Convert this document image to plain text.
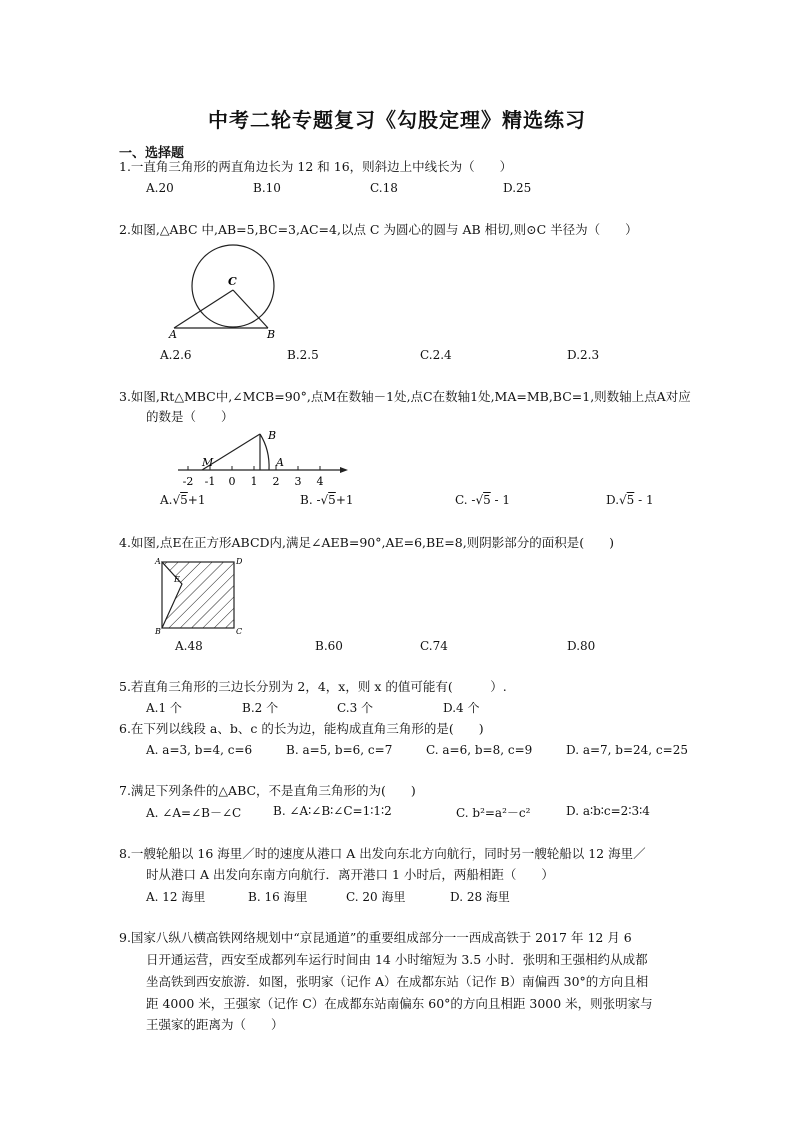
中考二轮专题复习《勾股定理》精选练习
一、选择题
1.一直角三角形的两直角边长为 12 和 16，则斜边上中线长为（　　）
A.20	B.10	C.18	D.25
2.如图,△ABC 中,AB=5,BC=3,AC=4,以点 C 为圆心的圆与 AB 相切,则⊙C 半径为（　　）
C
A	B
A.2.6	B.2.5	C.2.4	D.2.3
3.如图,Rt△MBC中,∠MCB=90°,点M在数轴－1处,点C在数轴1处,MA=MB,BC=1,则数轴上点A对应
的数是（　　）
-2 -1 0 1 2 3 4
M
B
A
A.√5+1	B. -√5+1	C. -√5 - 1	D.√5 - 1
4.如图,点E在正方形ABCD内,满足∠AEB=90°,AE=6,BE=8,则阴影部分的面积是(　　)
A	D
E
B	C
A.48	B.60	C.74	D.80
5.若直角三角形的三边长分别为 2，4，x，则 x 的值可能有(　　　）.
A.1 个	B.2 个	C.3 个	D.4 个
6.在下列以线段 a、b、c 的长为边，能构成直角三角形的是(　　)
A. a=3, b=4, c=6	B. a=5, b=6, c=7	C. a=6, b=8, c=9	D. a=7, b=24, c=25
7.满足下列条件的△ABC，不是直角三角形的为(　　)
A. ∠A=∠B－∠C	B. ∠A∶∠B∶∠C=1∶1∶2	C. b²=a²－c²	D. a∶b∶c=2∶3∶4
8.一艘轮船以 16 海里／时的速度从港口 A 出发向东北方向航行，同时另一艘轮船以 12 海里／
时从港口 A 出发向东南方向航行．离开港口 1 小时后，两船相距（　　）
A. 12 海里	B. 16 海里	C. 20 海里	D. 28 海里
9.国家八纵八横高铁网络规划中“京昆通道”的重要组成部分一一西成高铁于 2017 年 12 月 6
日开通运营，西安至成都列车运行时间由 14 小时缩短为 3.5 小时．张明和王强相约从成都
坐高铁到西安旅游．如图，张明家（记作 A）在成都东站（记作 B）南偏西 30°的方向且相
距 4000 米，王强家（记作 C）在成都东站南偏东 60°的方向且相距 3000 米，则张明家与
王强家的距离为（　　）
